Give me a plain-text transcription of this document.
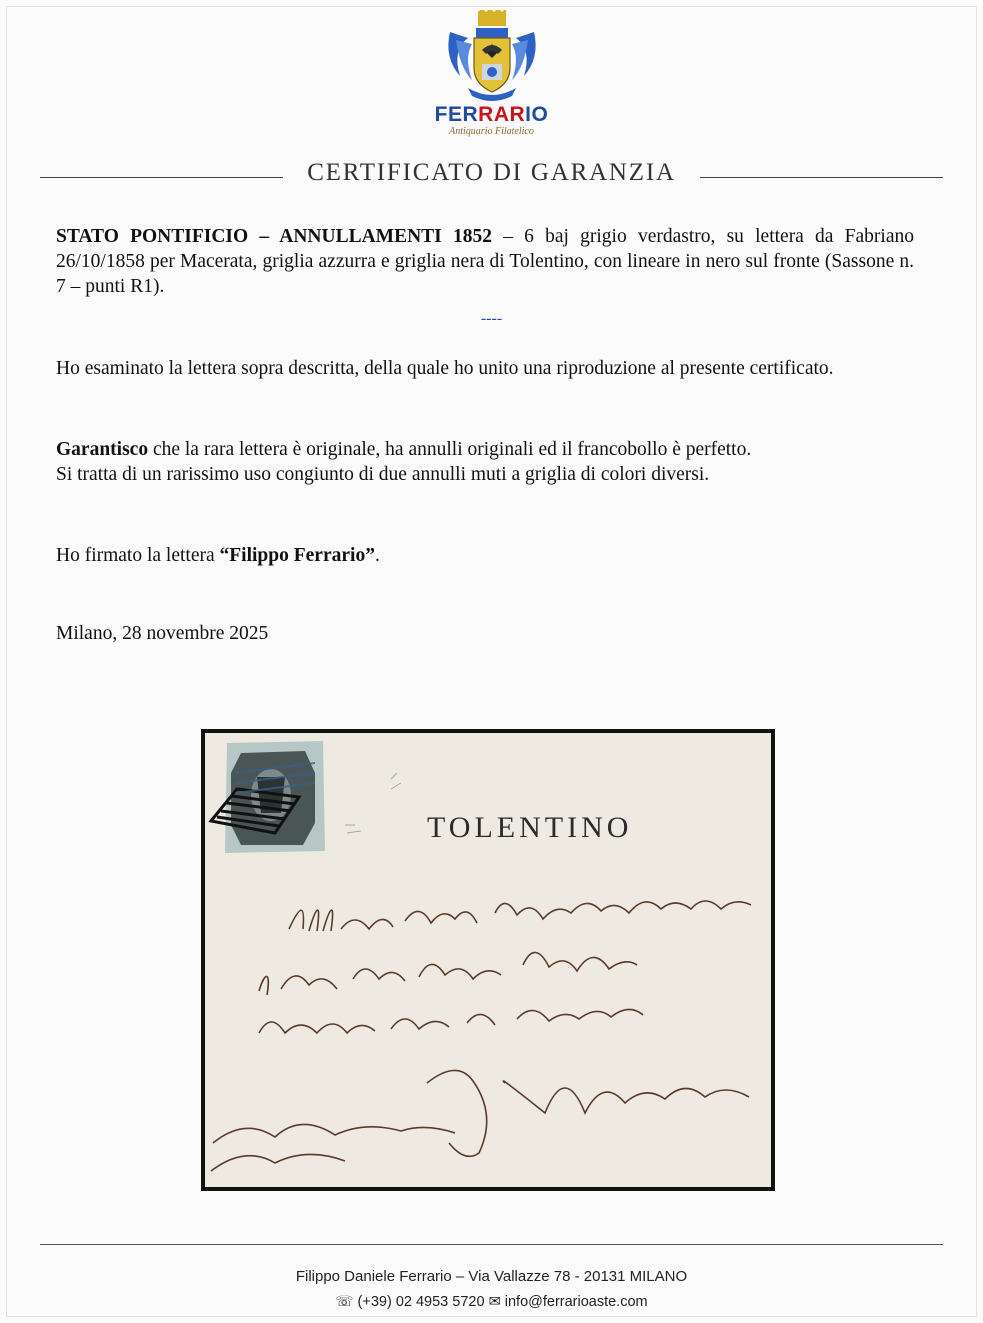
FERRARIO
Antiquario Filatelico
CERTIFICATO DI GARANZIA
STATO PONTIFICIO – ANNULLAMENTI 1852 – 6 baj grigio verdastro, su lettera da Fabriano 26/10/1858 per Macerata, griglia azzurra e griglia nera di Tolentino, con lineare in nero sul fronte (Sassone n. 7 – punti R1).
----
Ho esaminato la lettera sopra descritta, della quale ho unito una riproduzione al presente certificato.
Garantisco che la rara lettera è originale, ha annulli originali ed il francobollo è perfetto.
Si tratta di un rarissimo uso congiunto di due annulli muti a griglia di colori diversi.
Ho firmato la lettera “Filippo Ferrario”.
Milano, 28 novembre 2025
TOLENTINO
Filippo Daniele Ferrario – Via Vallazze 78 - 20131 MILANO
☏ (+39) 02 4953 5720 ✉ info@ferrarioaste.com
